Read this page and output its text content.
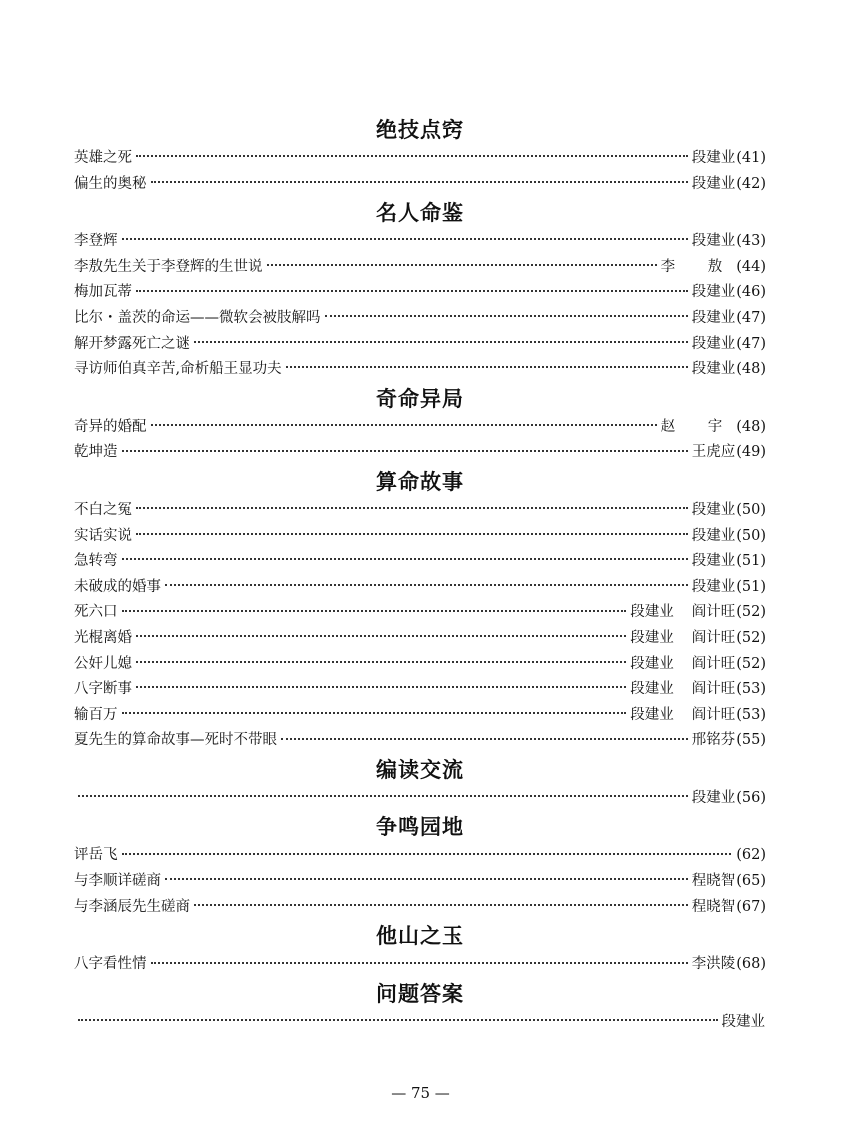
绝技点窍
英雄之死	段建业 (41)
偏生的奥秘	段建业 (42)
名人命鉴
李登辉	段建业 (43)
李敖先生关于李登辉的生世说	李 敖 (44)
梅加瓦蒂	段建业 (46)
比尔・盖茨的命运——微软会被肢解吗	段建业 (47)
解开梦露死亡之谜	段建业 (47)
寻访师伯真辛苦,命析船王显功夫	段建业 (48)
奇命异局
奇异的婚配	赵 宇 (48)
乾坤造	王虎应 (49)
算命故事
不白之冤	段建业 (50)
实话实说	段建业 (50)
急转弯	段建业 (51)
未破成的婚事	段建业 (51)
死六口	段建业 阎计旺 (52)
光棍离婚	段建业 阎计旺 (52)
公奸儿媳	段建业 阎计旺 (52)
八字断事	段建业 阎计旺 (53)
输百万	段建业 阎计旺 (53)
夏先生的算命故事—死时不带眼	邢铭芬 (55)
编读交流
段建业 (56)
争鸣园地
评岳飞	(62)
与李顺详磋商	程晓智 (65)
与李涵辰先生磋商	程晓智 (67)
他山之玉
八字看性情	李洪陵 (68)
问题答案
段建业
— 75 —
